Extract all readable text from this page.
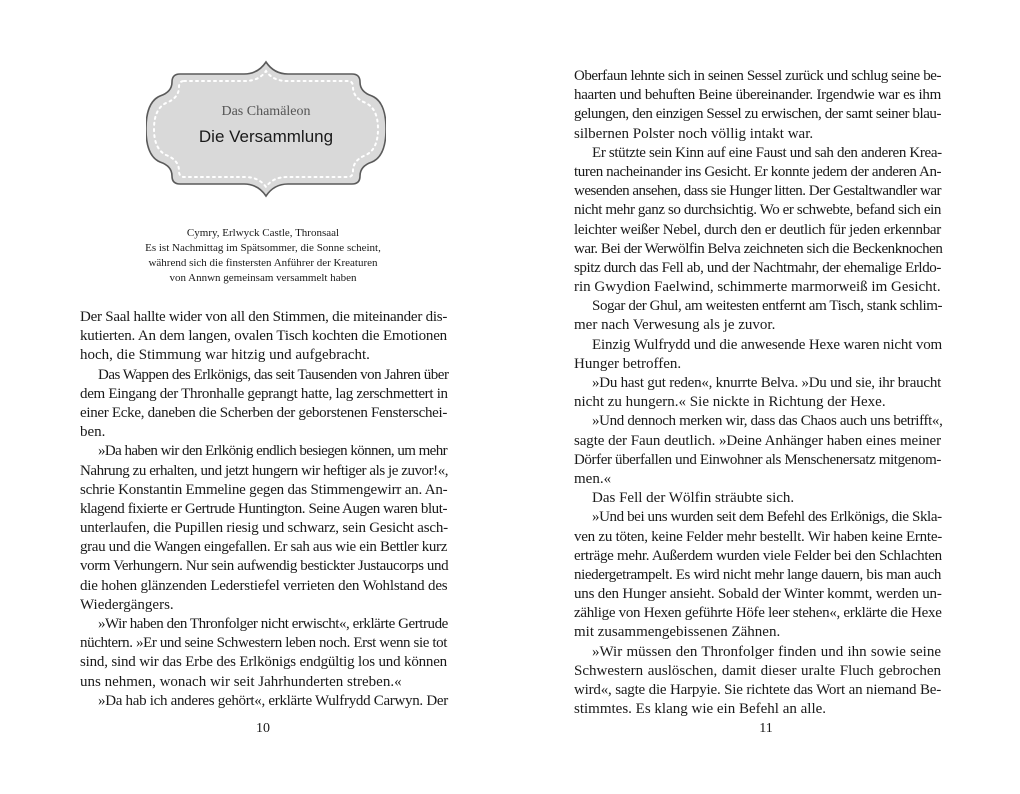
Das Chamäleon
Die Versammlung
Cymry, Erlwyck Castle, Thronsaal
Es ist Nachmittag im Spätsommer, die Sonne scheint,
während sich die finstersten Anführer der Kreaturen
von Annwn gemeinsam versammelt haben
Der Saal hallte wider von all den Stimmen, die miteinander dis-
kutierten. An dem langen, ovalen Tisch kochten die Emotionen
hoch, die Stimmung war hitzig und aufgebracht.
Das Wappen des Erlkönigs, das seit Tausenden von Jahren über
dem Eingang der Thronhalle geprangt hatte, lag zerschmettert in
einer Ecke, daneben die Scherben der geborstenen Fensterschei-
ben.
»Da haben wir den Erlkönig endlich besiegen können, um mehr
Nahrung zu erhalten, und jetzt hungern wir heftiger als je zuvor!«,
schrie Konstantin Emmeline gegen das Stimmengewirr an. An-
klagend fixierte er Gertrude Huntington. Seine Augen waren blut-
unterlaufen, die Pupillen riesig und schwarz, sein Gesicht asch-
grau und die Wangen eingefallen. Er sah aus wie ein Bettler kurz
vorm Verhungern. Nur sein aufwendig bestickter Justaucorps und
die hohen glänzenden Lederstiefel verrieten den Wohlstand des
Wiedergängers.
»Wir haben den Thronfolger nicht erwischt«, erklärte Gertrude
nüchtern. »Er und seine Schwestern leben noch. Erst wenn sie tot
sind, sind wir das Erbe des Erlkönigs endgültig los und können
uns nehmen, wonach wir seit Jahrhunderten streben.«
»Da hab ich anderes gehört«, erklärte Wulfrydd Carwyn. Der
10
Oberfaun lehnte sich in seinen Sessel zurück und schlug seine be-
haarten und behuften Beine übereinander. Irgendwie war es ihm
gelungen, den einzigen Sessel zu erwischen, der samt seiner blau-
silbernen Polster noch völlig intakt war.
Er stützte sein Kinn auf eine Faust und sah den anderen Krea-
turen nacheinander ins Gesicht. Er konnte jedem der anderen An-
wesenden ansehen, dass sie Hunger litten. Der Gestaltwandler war
nicht mehr ganz so durchsichtig. Wo er schwebte, befand sich ein
leichter weißer Nebel, durch den er deutlich für jeden erkennbar
war. Bei der Werwölfin Belva zeichneten sich die Beckenknochen
spitz durch das Fell ab, und der Nachtmahr, der ehemalige Erldo-
rin Gwydion Faelwind, schimmerte marmorweiß im Gesicht.
Sogar der Ghul, am weitesten entfernt am Tisch, stank schlim-
mer nach Verwesung als je zuvor.
Einzig Wulfrydd und die anwesende Hexe waren nicht vom
Hunger betroffen.
»Du hast gut reden«, knurrte Belva. »Du und sie, ihr braucht
nicht zu hungern.« Sie nickte in Richtung der Hexe.
»Und dennoch merken wir, dass das Chaos auch uns betrifft«,
sagte der Faun deutlich. »Deine Anhänger haben eines meiner
Dörfer überfallen und Einwohner als Menschenersatz mitgenom-
men.«
Das Fell der Wölfin sträubte sich.
»Und bei uns wurden seit dem Befehl des Erlkönigs, die Skla-
ven zu töten, keine Felder mehr bestellt. Wir haben keine Ernte-
erträge mehr. Außerdem wurden viele Felder bei den Schlachten
niedergetrampelt. Es wird nicht mehr lange dauern, bis man auch
uns den Hunger ansieht. Sobald der Winter kommt, werden un-
zählige von Hexen geführte Höfe leer stehen«, erklärte die Hexe
mit zusammengebissenen Zähnen.
»Wir müssen den Thronfolger finden und ihn sowie seine
Schwestern auslöschen, damit dieser uralte Fluch gebrochen
wird«, sagte die Harpyie. Sie richtete das Wort an niemand Be-
stimmtes. Es klang wie ein Befehl an alle.
11
